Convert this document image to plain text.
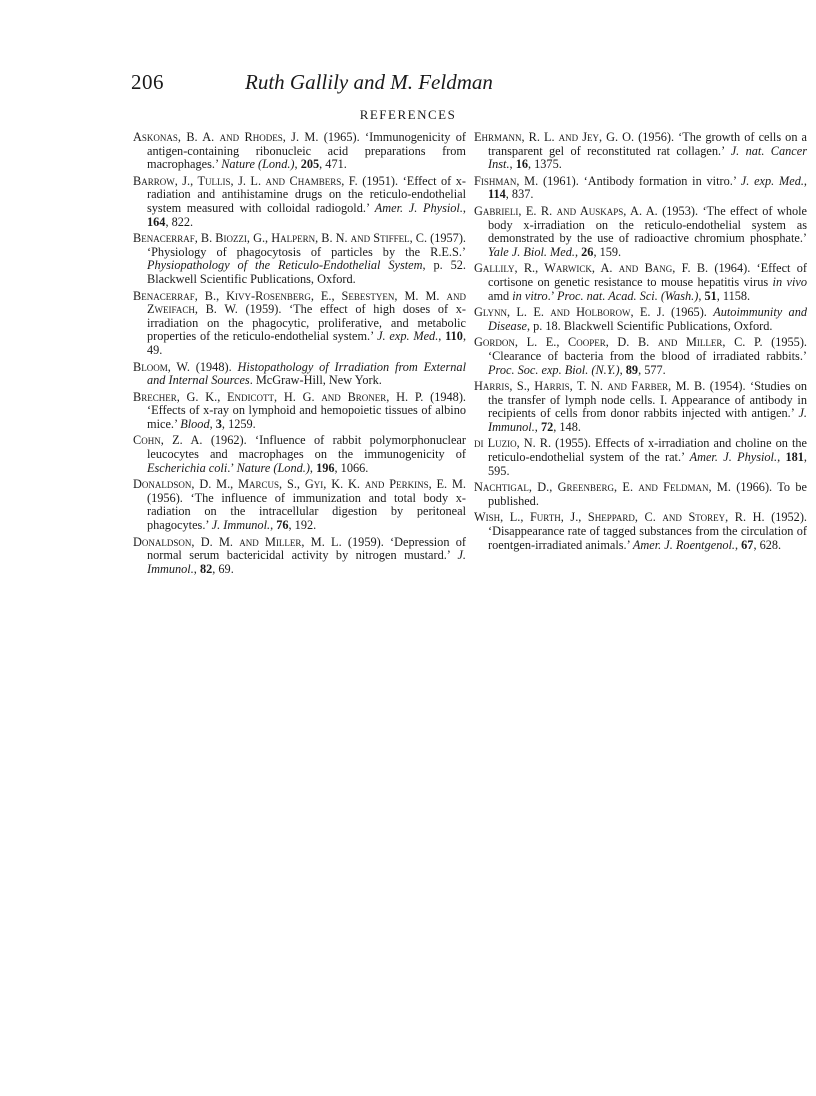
206	Ruth Gallily and M. Feldman
REFERENCES

Askonas, B. A. and Rhodes, J. M. (1965). ‘Immunogenicity of antigen-containing ribonucleic acid preparations from macrophages.’ Nature (Lond.), 205, 471.

Barrow, J., Tullis, J. L. and Chambers, F. (1951). ‘Effect of x-radiation and antihistamine drugs on the reticulo-endothelial system measured with colloidal radiogold.’ Amer. J. Physiol., 164, 822.

Benacerraf, B. Biozzi, G., Halpern, B. N. and Stiffel, C. (1957). ‘Physiology of phagocytosis of particles by the R.E.S.’ Physiopathology of the Reticulo-Endothelial System, p. 52. Blackwell Scientific Publications, Oxford.

Benacerraf, B., Kivy-Rosenberg, E., Sebestyen, M. M. and Zweifach, B. W. (1959). ‘The effect of high doses of x-irradiation on the phagocytic, proliferative, and metabolic properties of the reticulo-endothelial system.’ J. exp. Med., 110, 49.

Bloom, W. (1948). Histopathology of Irradiation from External and Internal Sources. McGraw-Hill, New York.

Brecher, G. K., Endicott, H. G. and Broner, H. P. (1948). ‘Effects of x-ray on lymphoid and hemopoietic tissues of albino mice.’ Blood, 3, 1259.

Cohn, Z. A. (1962). ‘Influence of rabbit polymorphonuclear leucocytes and macrophages on the immunogenicity of Escherichia coli.’ Nature (Lond.), 196, 1066.

Donaldson, D. M., Marcus, S., Gyi, K. K. and Perkins, E. M. (1956). ‘The influence of immunization and total body x-radiation on the intracellular digestion by peritoneal phagocytes.’ J. Immunol., 76, 192.

Donaldson, D. M. and Miller, M. L. (1959). ‘Depression of normal serum bactericidal activity by nitrogen mustard.’ J. Immunol., 82, 69.

Ehrmann, R. L. and Jey, G. O. (1956). ‘The growth of cells on a transparent gel of reconstituted rat collagen.’ J. nat. Cancer Inst., 16, 1375.

Fishman, M. (1961). ‘Antibody formation in vitro.’ J. exp. Med., 114, 837.

Gabrieli, E. R. and Auskaps, A. A. (1953). ‘The effect of whole body x-irradiation on the reticulo-endothelial system as demonstrated by the use of radioactive chromium phosphate.’ Yale J. Biol. Med., 26, 159.

Gallily, R., Warwick, A. and Bang, F. B. (1964). ‘Effect of cortisone on genetic resistance to mouse hepatitis virus in vivo amd in vitro.’ Proc. nat. Acad. Sci. (Wash.), 51, 1158.

Glynn, L. E. and Holborow, E. J. (1965). Autoimmunity and Disease, p. 18. Blackwell Scientific Publications, Oxford.

Gordon, L. E., Cooper, D. B. and Miller, C. P. (1955). ‘Clearance of bacteria from the blood of irradiated rabbits.’ Proc. Soc. exp. Biol. (N.Y.), 89, 577.

Harris, S., Harris, T. N. and Farber, M. B. (1954). ‘Studies on the transfer of lymph node cells. I. Appearance of antibody in recipients of cells from donor rabbits injected with antigen.’ J. Immunol., 72, 148.

di Luzio, N. R. (1955). Effects of x-irradiation and choline on the reticulo-endothelial system of the rat.’ Amer. J. Physiol., 181, 595.

Nachtigal, D., Greenberg, E. and Feldman, M. (1966). To be published.

Wish, L., Furth, J., Sheppard, C. and Storey, R. H. (1952). ‘Disappearance rate of tagged substances from the circulation of roentgen-irradiated animals.’ Amer. J. Roentgenol., 67, 628.
